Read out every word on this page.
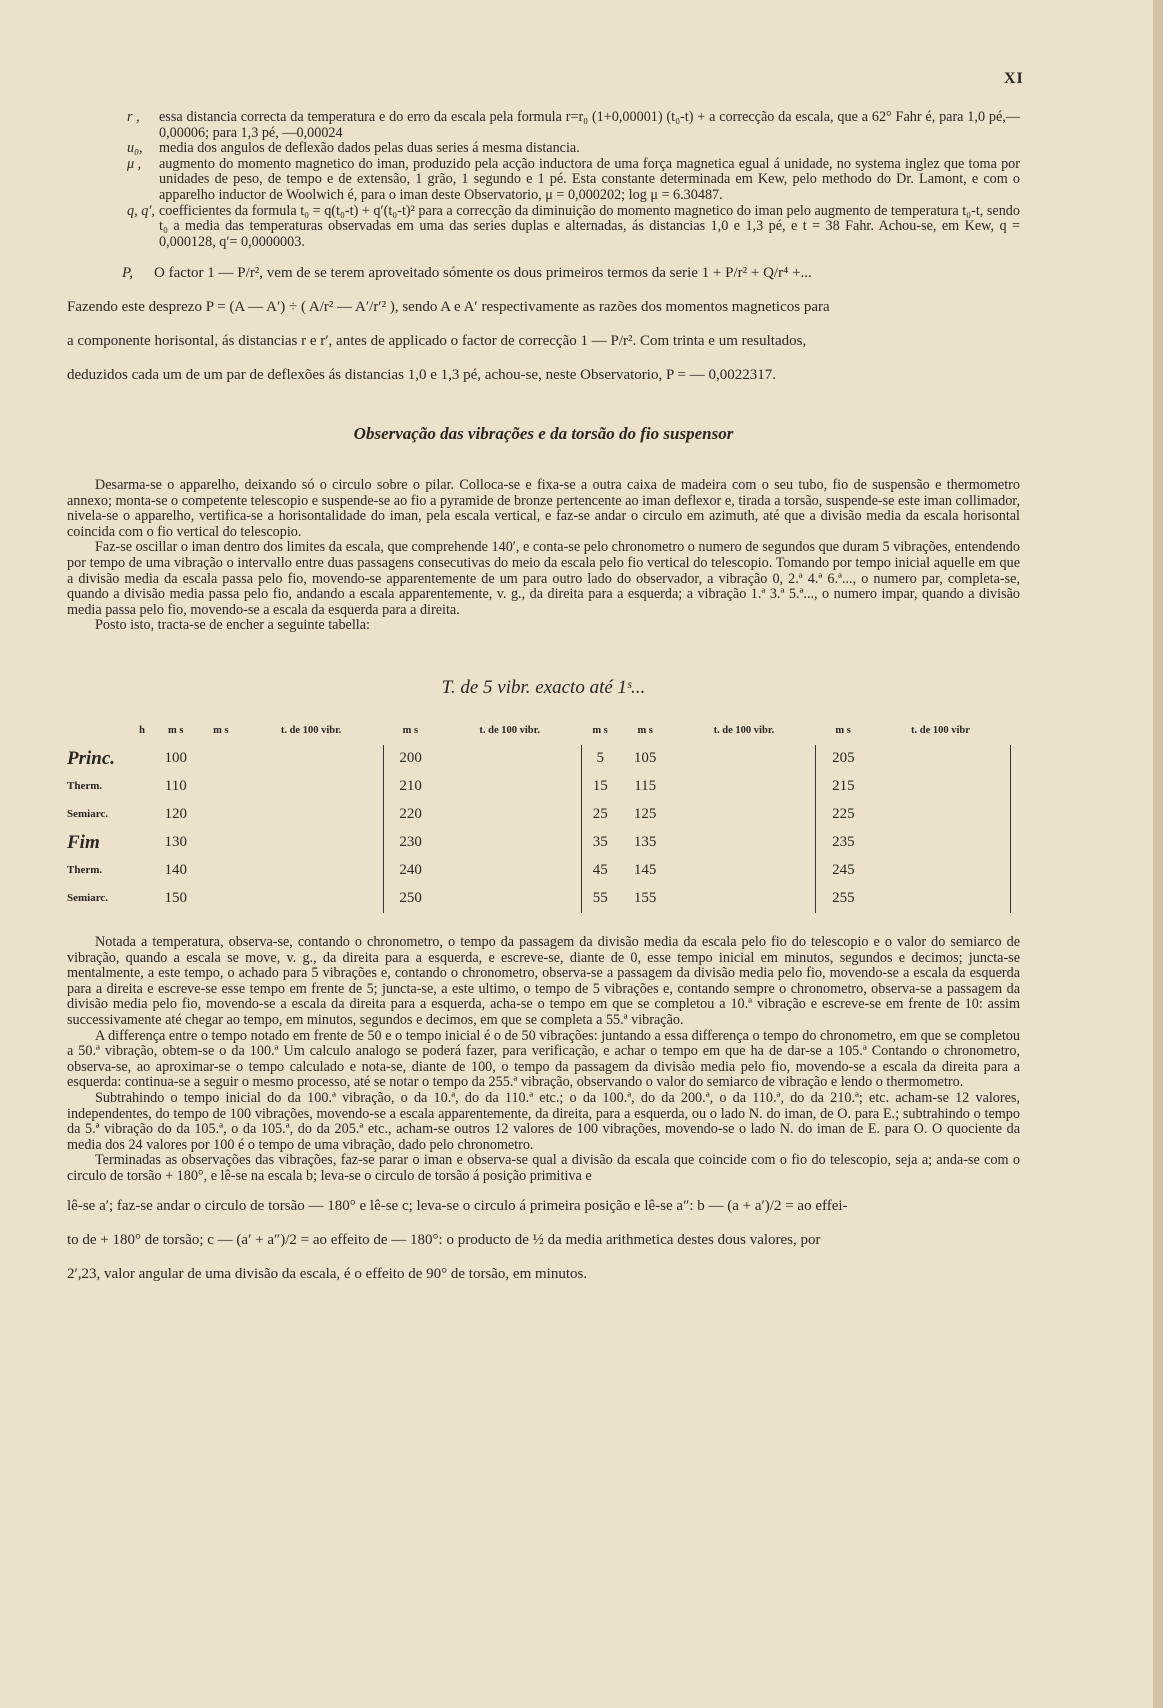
XI
r ,	essa distancia correcta da temperatura e do erro da escala pela formula r=r₀ (1+0,00001) (t₀-t) + a correcção da escala, que a 62° Fahr é, para 1,0 pé,—0,00006; para 1,3 pé, —0,00024
u₀,	media dos angulos de deflexão dados pelas duas series á mesma distancia.
μ ,	augmento do momento magnetico do iman, produzido pela acção inductora de uma força magnetica egual á unidade, no systema inglez que toma por unidades de peso, de tempo e de extensão, 1 grão, 1 segundo e 1 pé. Esta constante determinada em Kew, pelo methodo do Dr. Lamont, e com o apparelho inductor de Woolwich é, para o iman deste Observatorio, μ = 0,000202; log μ = 6.30487.
q, q′, coefficientes da formula t₀ = q(t₀-t) + q′(t₀-t)² para a correcção da diminuição do momento magnetico do iman pelo augmento de temperatura t₀-t, sendo t₀ a media das temperaturas observadas em uma das series duplas e alternadas, ás distancias 1,0 e 1,3 pé, e t = 38 Fahr. Achou-se, em Kew, q = 0,000128, q′= 0,0000003.
P,	O factor 1 — P/r², vem de se terem aproveitado sómente os dous primeiros termos da serie 1 + P/r² + Q/r⁴ +...
Fazendo este desprezo P = (A — A′) ÷ ( A/r² — A′/r′² ), sendo A e A′ respectivamente as razões dos momentos magneticos para
a componente horisontal, ás distancias r e r′, antes de applicado o factor de correcção 1 — P/r². Com trinta e um resultados,
deduzidos cada um de um par de deflexões ás distancias 1,0 e 1,3 pé, achou-se, neste Observatorio, P = — 0,0022317.
Observação das vibrações e da torsão do fio suspensor
Desarma-se o apparelho, deixando só o circulo sobre o pilar. Colloca-se e fixa-se a outra caixa de madeira com o seu tubo, fio de suspensão e thermometro annexo; monta-se o competente telescopio e suspende-se ao fio a pyramide de bronze pertencente ao iman deflexor e, tirada a torsão, suspende-se este iman collimador, nivela-se o apparelho, vertifica-se a horisontalidade do iman, pela escala vertical, e faz-se andar o circulo em azimuth, até que a divisão media da escala horisontal coincida com o fio vertical do telescopio.
Faz-se oscillar o iman dentro dos limites da escala, que comprehende 140′, e conta-se pelo chronometro o numero de segundos que duram 5 vibrações, entendendo por tempo de uma vibração o intervallo entre duas passagens consecutivas do meio da escala pelo fio vertical do telescopio. Tomando por tempo inicial aquelle em que a divisão media da escala passa pelo fio, movendo-se apparentemente de um para outro lado do observador, a vibração 0, 2.ª 4.ª 6.ª..., o numero par, completa-se, quando a divisão media passa pelo fio, andando a escala apparentemente, v. g., da direita para a esquerda; a vibração 1.ª 3.ª 5.ª..., o numero impar, quando a divisão media passa pelo fio, movendo-se a escala da esquerda para a direita.
Posto isto, tracta-se de encher a seguinte tabella:
T. de 5 vibr. exacto até 1ˢ...
h	m s	m s	t. de 100 vibr.	m s	t. de 100 vibr.	m s	m s	t. de 100 vibr.	m s	t. de 100 vibr
Princ.	100			200		5	105		205	
Therm.	110			210		15	115		215	
Semiarc.	120			220		25	125		225	
Fim	130			230		35	135		235	
Therm.	140			240		45	145		245	
Semiarc.	150			250		55	155		255	

Notada a temperatura, observa-se, contando o chronometro, o tempo da passagem da divisão media da escala pelo fio do telescopio e o valor do semiarco de vibração, quando a escala se move, v. g., da direita para a esquerda, e escreve-se, diante de 0, esse tempo inicial em minutos, segundos e decimos; juncta-se mentalmente, a este tempo, o achado para 5 vibrações e, contando o chronometro, observa-se a passagem da divisão media pelo fio, movendo-se a escala da esquerda para a direita e escreve-se esse tempo em frente de 5; juncta-se, a este ultimo, o tempo de 5 vibrações e, contando sempre o chronometro, observa-se a passagem da divisão media pelo fio, movendo-se a escala da direita para a esquerda, acha-se o tempo em que se completou a 10.ª vibração e escreve-se em frente de 10: assim successivamente até chegar ao tempo, em minutos, segundos e decimos, em que se completa a 55.ª vibração.

A differença entre o tempo notado em frente de 50 e o tempo inicial é o de 50 vibrações: juntando a essa differença o tempo do chronometro, em que se completou a 50.ª vibração, obtem-se o da 100.ª Um calculo analogo se poderá fazer, para verificação, e achar o tempo em que ha de dar-se a 105.ª Contando o chronometro, observa-se, ao aproximar-se o tempo calculado e nota-se, diante de 100, o tempo da passagem da divisão media pelo fio, movendo-se a escala da direita para a esquerda: continua-se a seguir o mesmo processo, até se notar o tempo da 255.ª vibração, observando o valor do semiarco de vibração e lendo o thermometro.

Subtrahindo o tempo inicial do da 100.ª vibração, o da 10.ª, do da 110.ª etc.; o da 100.ª, do da 200.ª, o da 110.ª, do da 210.ª; etc. acham-se 12 valores, independentes, do tempo de 100 vibrações, movendo-se a escala apparentemente, da direita, para a esquerda, ou o lado N. do iman, de O. para E.; subtrahindo o tempo da 5.ª vibração do da 105.ª, o da 105.ª, do da 205.ª etc., acham-se outros 12 valores de 100 vibrações, movendo-se o lado N. do iman de E. para O. O quociente da media dos 24 valores por 100 é o tempo de uma vibração, dado pelo chronometro.

Terminadas as observações das vibrações, faz-se parar o iman e observa-se qual a divisão da escala que coincide com o fio do telescopio, seja a; anda-se com o circulo de torsão + 180°, e lê-se na escala b; leva-se o circulo de torsão á posição primitiva e

lê-se a′; faz-se andar o circulo de torsão — 180° e lê-se c; leva-se o circulo á primeira posição e lê-se a″: b — (a + a′)/2 = ao effei-
to de + 180° de torsão; c — (a′ + a″)/2 = ao effeito de — 180°: o producto de ½ da media arithmetica destes dous valores, por
2′,23, valor angular de uma divisão da escala, é o effeito de 90° de torsão, em minutos.
